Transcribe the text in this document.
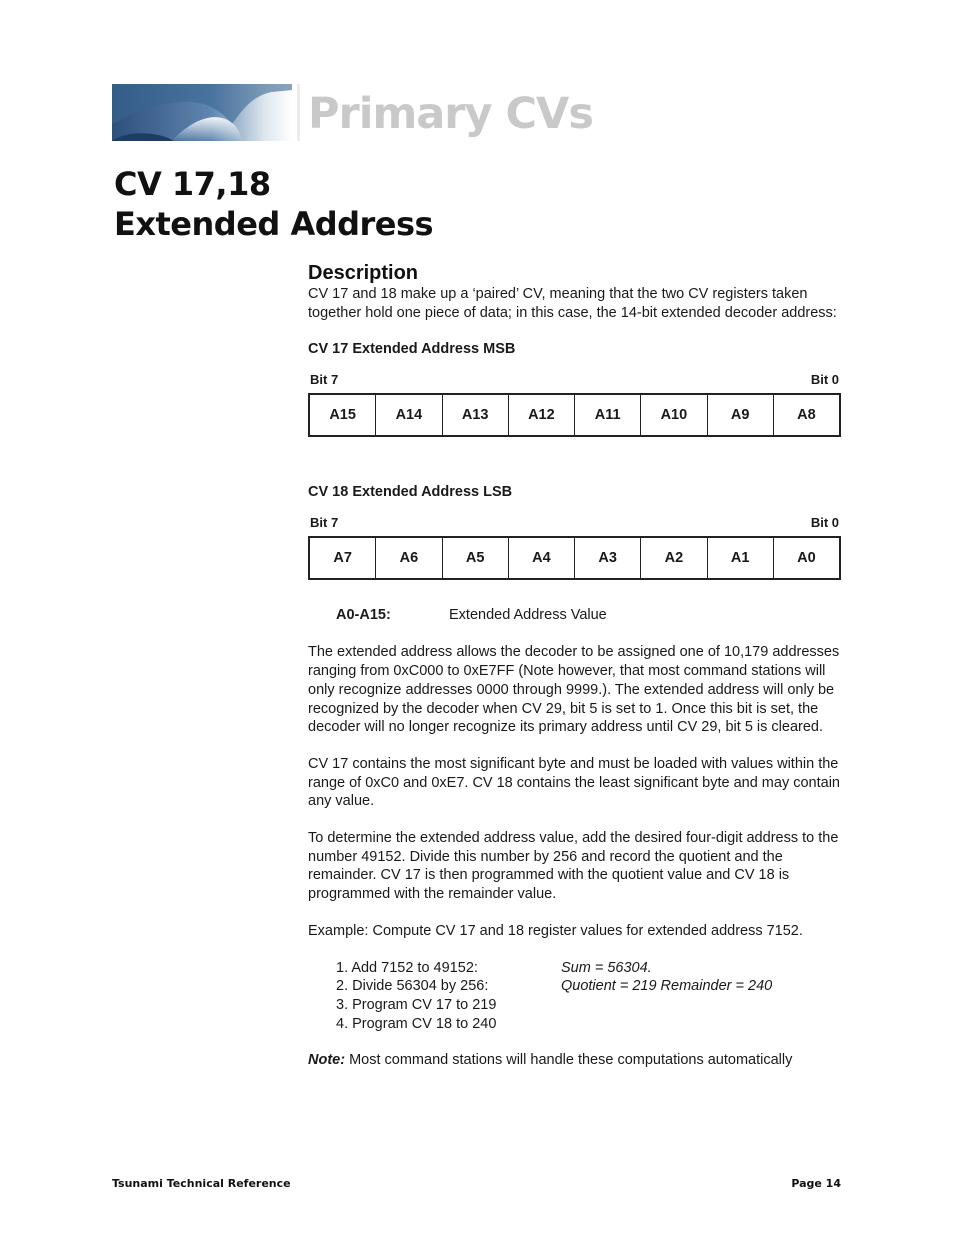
Primary CVs
CV 17,18
Extended Address
Description

CV 17 and 18 make up a ‘paired’ CV, meaning that the two CV registers taken together hold one piece of data; in this case, the 14-bit extended decoder address:

CV 17 Extended Address MSB
Bit 7	Bit 0
A15	A14	A13	A12	A11	A10	A9	A8
CV 18 Extended Address LSB
Bit 7	Bit 0
A7	A6	A5	A4	A3	A2	A1	A0
A0-A15:	Extended Address Value

The extended address allows the decoder to be assigned one of 10,179 addresses ranging from 0xC000 to 0xE7FF (Note however, that most command stations will only recognize addresses 0000 through 9999.). The extended address will only be recognized by the decoder when CV 29, bit 5 is set to 1. Once this bit is set, the decoder will no longer recognize its primary address until CV 29, bit 5 is cleared.

CV 17 contains the most significant byte and must be loaded with values within the range of 0xC0 and 0xE7. CV 18 contains the least significant byte and may contain any value.

To determine the extended address value, add the desired four-digit address to the number 49152. Divide this number by 256 and record the quotient and the remainder. CV 17 is then programmed with the quotient value and CV 18 is programmed with the remainder value.

Example: Compute CV 17 and 18 register values for extended address 7152.

1. Add 7152 to 49152:	Sum = 56304.
2. Divide 56304 by 256:	Quotient = 219 Remainder = 240
3. Program CV 17 to 219
4. Program CV 18 to 240

Note: Most command stations will handle these computations automatically

Tsunami Technical Reference	Page 14
